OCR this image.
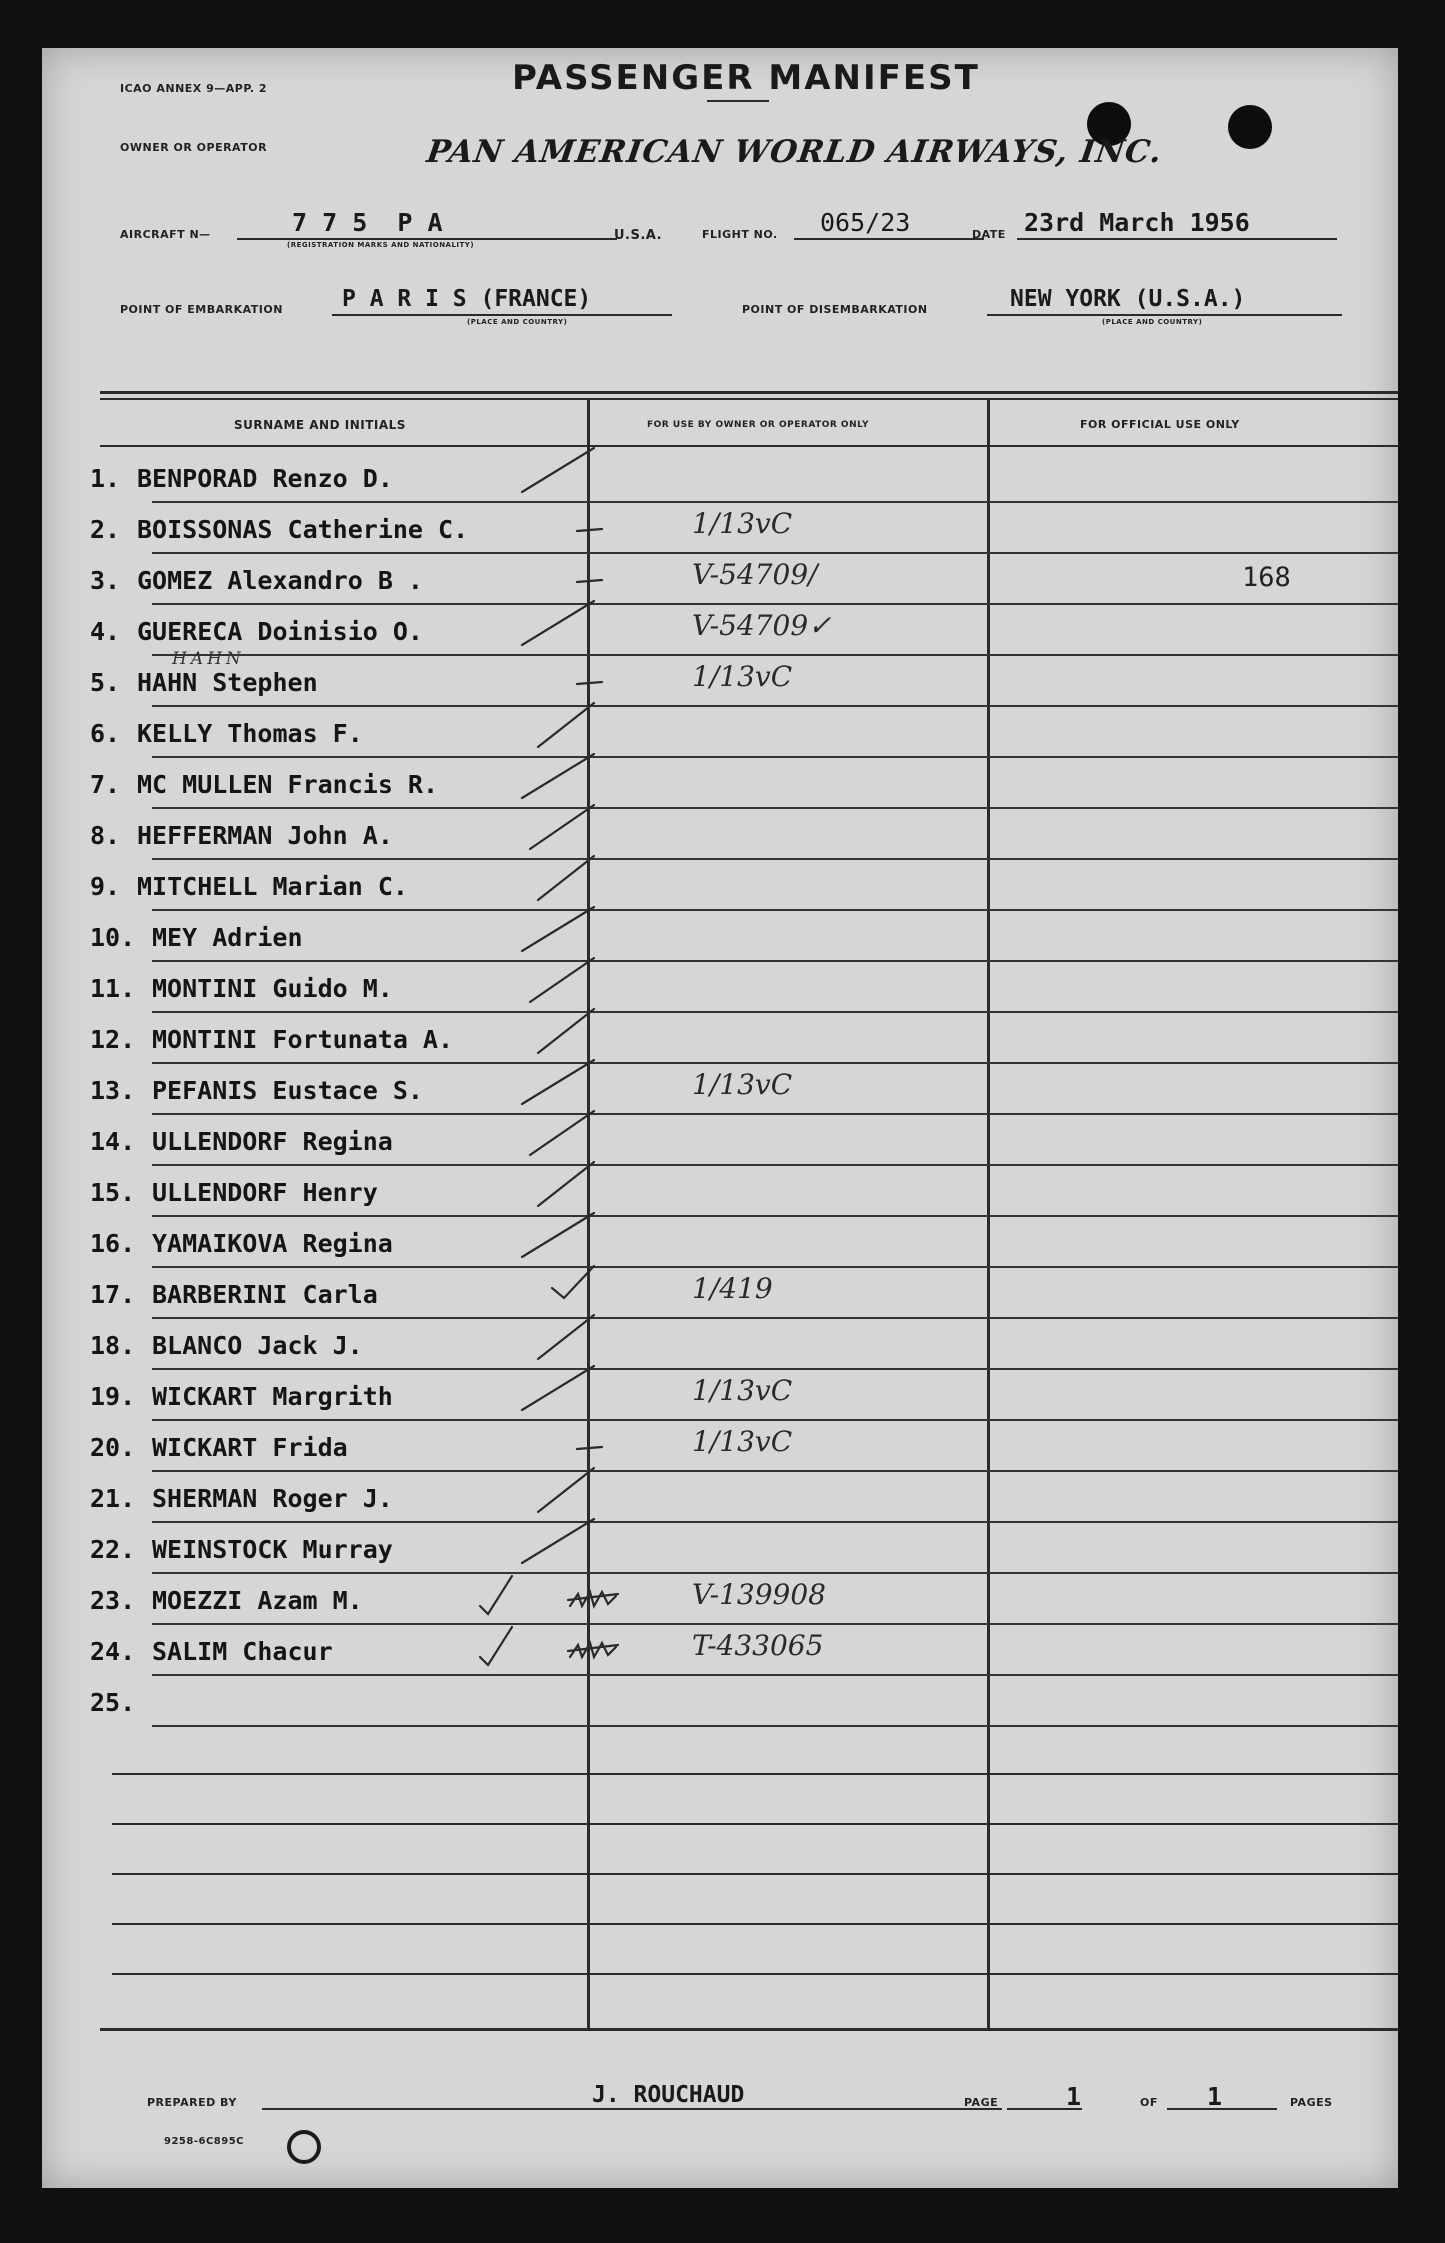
ICAO ANNEX 9—APP. 2	PASSENGER MANIFEST
OWNER OR OPERATOR	PAN AMERICAN WORLD AIRWAYS, INC.
AIRCRAFT N—	7 7 5  P A
(REGISTRATION MARKS AND NATIONALITY)
U.S.A.	FLIGHT NO. 065/23	DATE 23rd March 1956
POINT OF EMBARKATION	P A R I S (FRANCE)
(PLACE AND COUNTRY)
POINT OF DISEMBARKATION	NEW YORK (U.S.A.)
(PLACE AND COUNTRY)
SURNAME AND INITIALS	FOR USE BY OWNER OR OPERATOR ONLY	FOR OFFICIAL USE ONLY
1. BENPORAD Renzo D.
2. BOISSONAS Catherine C.	1/13vC
3. GOMEZ Alexandro B .	V-54709/	168
4. GUERECA Doinisio O.	V-54709✓
5. HAHN Stephen	1/13vC
6. KELLY Thomas F.
7. MC MULLEN Francis R.
8. HEFFERMAN John A.
9. MITCHELL Marian C.
10. MEY Adrien
11. MONTINI Guido M.
12. MONTINI Fortunata A.
13. PEFANIS Eustace S.	1/13vC
14. ULLENDORF Regina
15. ULLENDORF Henry
16. YAMAIKOVA Regina
17. BARBERINI Carla	1/419
18. BLANCO Jack J.
19. WICKART Margrith	1/13vC
20. WICKART Frida	1/13vC
21. SHERMAN Roger J.
22. WEINSTOCK Murray
23. MOEZZI Azam M.	V-139908
24. SALIM Chacur	T-433065
25.
HAHN
PREPARED BY	J. ROUCHAUD	PAGE	1	OF 1	PAGES
9258-6C895C
